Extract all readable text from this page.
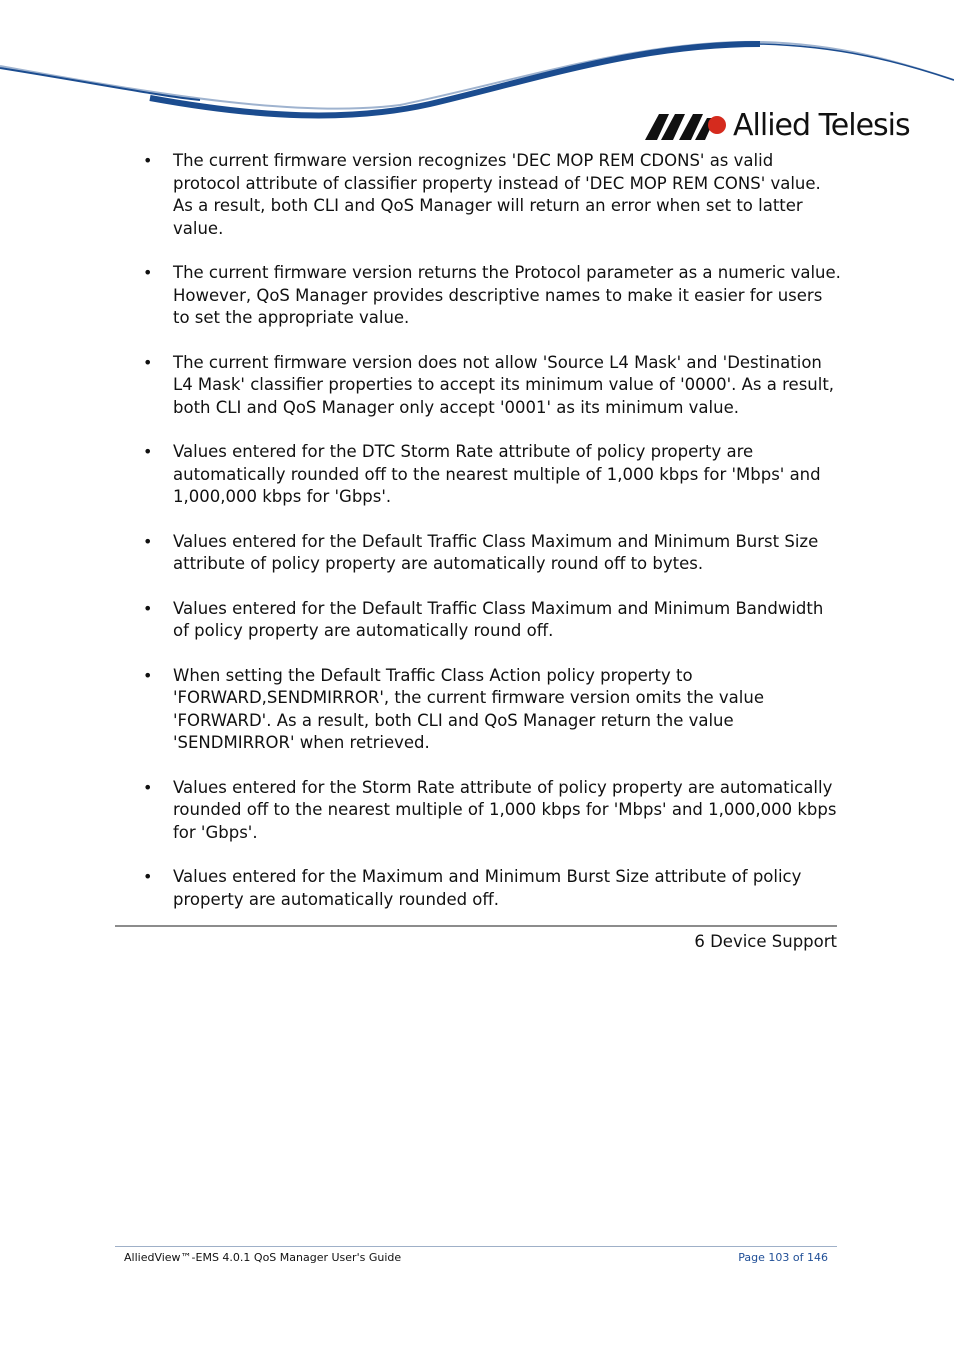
Allied Telesis
• The current firmware version recognizes 'DEC MOP REM CDONS' as valid protocol attribute of classifier property instead of 'DEC MOP REM CONS' value. As a result, both CLI and QoS Manager will return an error when set to latter value.
• The current firmware version returns the Protocol parameter as a numeric value. However, QoS Manager provides descriptive names to make it easier for users to set the appropriate value.
• The current firmware version does not allow 'Source L4 Mask' and 'Destination L4 Mask' classifier properties to accept its minimum value of '0000'. As a result, both CLI and QoS Manager only accept '0001' as its minimum value.
• Values entered for the DTC Storm Rate attribute of policy property are automatically rounded off to the nearest multiple of 1,000 kbps for 'Mbps' and 1,000,000 kbps for 'Gbps'.
• Values entered for the Default Traffic Class Maximum and Minimum Burst Size attribute of policy property are automatically round off to bytes.
• Values entered for the Default Traffic Class Maximum and Minimum Bandwidth of policy property are automatically round off.
• When setting the Default Traffic Class Action policy property to 'FORWARD,SENDMIRROR', the current firmware version omits the value 'FORWARD'. As a result, both CLI and QoS Manager return the value 'SENDMIRROR' when retrieved.
• Values entered for the Storm Rate attribute of policy property are automatically rounded off to the nearest multiple of 1,000 kbps for 'Mbps' and 1,000,000 kbps for 'Gbps'.
• Values entered for the Maximum and Minimum Burst Size attribute of policy property are automatically rounded off.
6 Device Support
AlliedView™-EMS 4.0.1 QoS Manager User's Guide	Page 103 of 146
